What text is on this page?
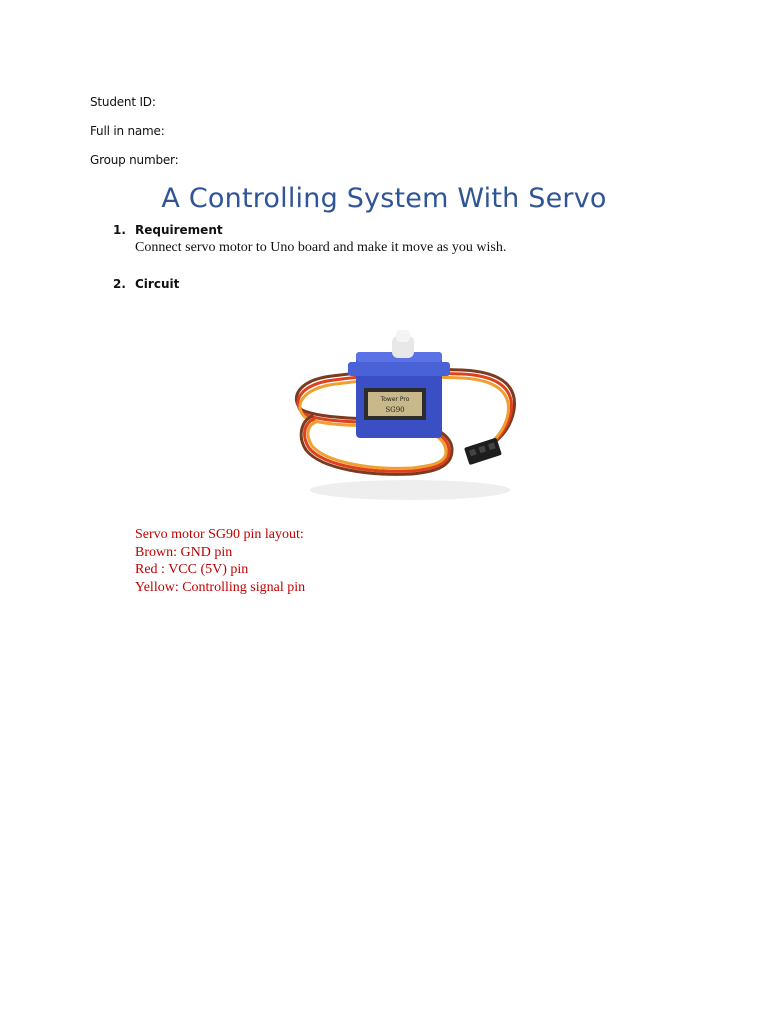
Student ID:
Full in name:
Group number:
A Controlling System With Servo
1. Requirement
Connect servo motor to Uno board and make it move as you wish.
2. Circuit
Tower Pro
SG90
Servo motor SG90 pin layout:
Brown: GND pin
Red : VCC (5V) pin
Yellow: Controlling signal pin
